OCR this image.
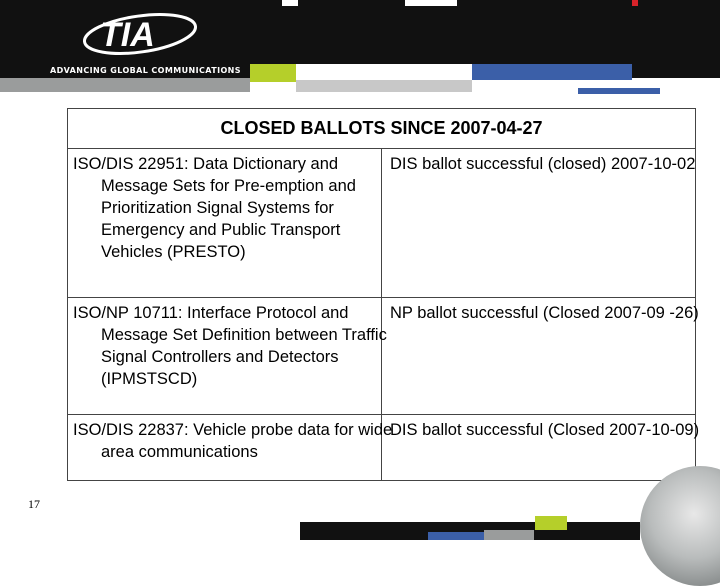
TIA
ADVANCING GLOBAL COMMUNICATIONS
CLOSED BALLOTS SINCE 2007-04-27
ISO/DIS 22951: Data Dictionary and Message Sets for Pre-emption and Prioritization Signal Systems for Emergency and Public Transport Vehicles (PRESTO)
DIS ballot successful (closed) 2007-10-02
ISO/NP 10711: Interface Protocol and Message Set Definition between Traffic Signal Controllers and Detectors (IPMSTSCD)
NP ballot successful (Closed 2007-09 -26)
ISO/DIS 22837: Vehicle probe data for wide area communications
DIS ballot successful (Closed 2007-10-09)
17
